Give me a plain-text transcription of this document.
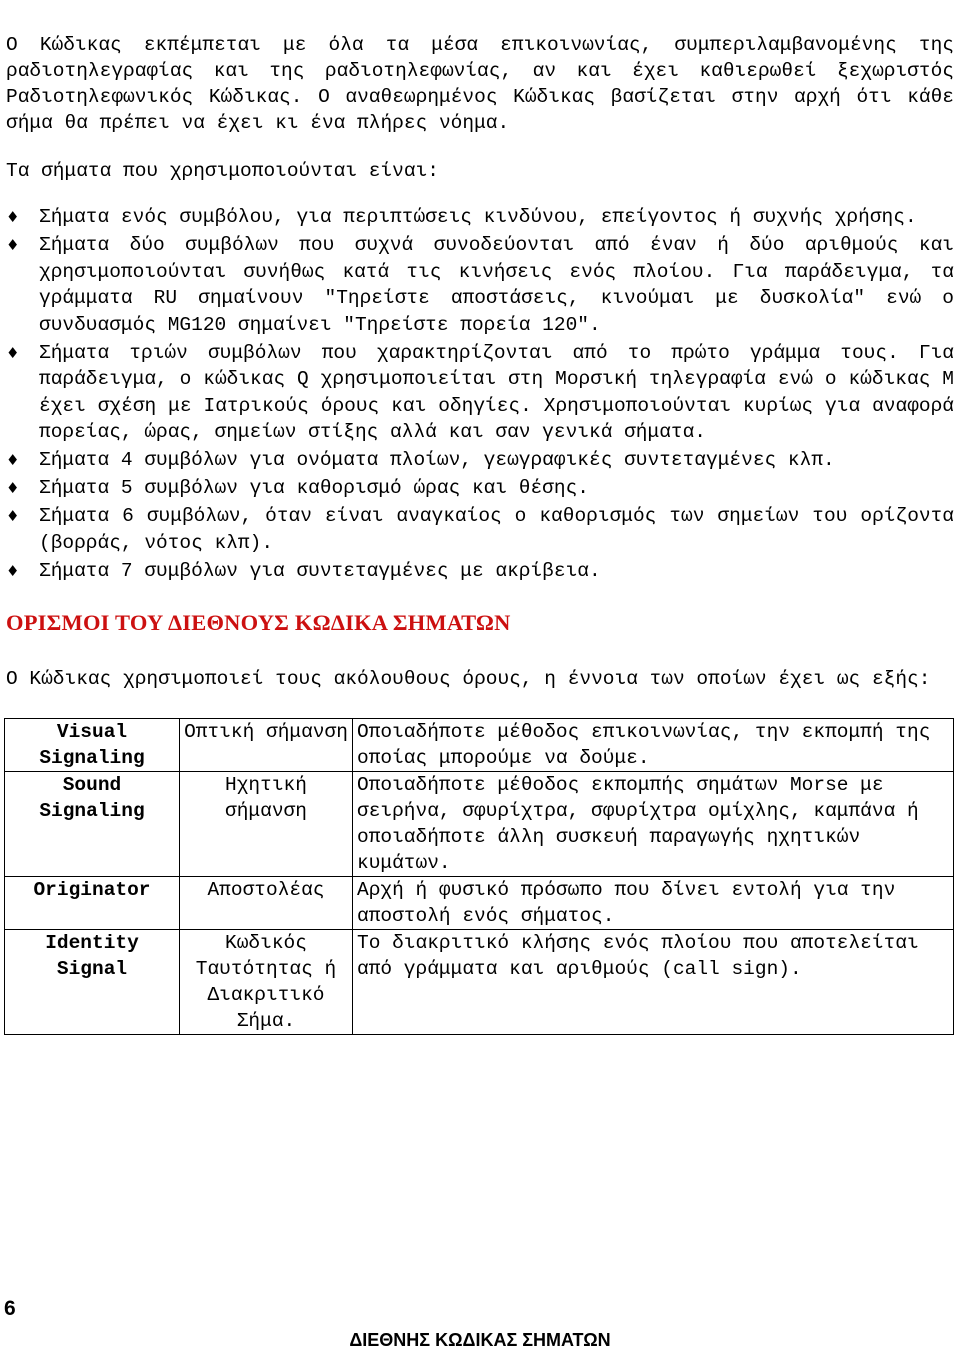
Ο Κώδικας εκπέμπεται με όλα τα μέσα επικοινωνίας, συμπεριλαμβανομένης της ραδιοτηλεγραφίας και της ραδιοτηλεφωνίας, αν και έχει καθιερωθεί ξεχωριστός Ραδιοτηλεφωνικός Κώδικας. Ο αναθεωρημένος Κώδικας βασίζεται στην αρχή ότι κάθε σήμα θα πρέπει να έχει κι ένα πλήρες νόημα.

Τα σήματα που χρησιμοποιούνται είναι:

♦ Σήματα ενός συμβόλου, για περιπτώσεις κινδύνου, επείγοντος ή συχνής χρήσης.
♦ Σήματα δύο συμβόλων που συχνά συνοδεύονται από έναν ή δύο αριθμούς και χρησιμοποιούνται συνήθως κατά τις κινήσεις ενός πλοίου. Για παράδειγμα, τα γράμματα RU σημαίνουν "Τηρείστε αποστάσεις, κινούμαι με δυσκολία" ενώ ο συνδυασμός MG120 σημαίνει "Τηρείστε πορεία 120".
♦ Σήματα τριών συμβόλων που χαρακτηρίζονται από το πρώτο γράμμα τους. Για παράδειγμα, ο κώδικας Q χρησιμοποιείται στη Μορσική τηλεγραφία ενώ ο κώδικας Μ έχει σχέση με Ιατρικούς όρους και οδηγίες. Χρησιμοποιούνται κυρίως για αναφορά πορείας, ώρας, σημείων στίξης αλλά και σαν γενικά σήματα.
♦ Σήματα 4 συμβόλων για ονόματα πλοίων, γεωγραφικές συντεταγμένες κλπ.
♦ Σήματα 5 συμβόλων για καθορισμό ώρας και θέσης.
♦ Σήματα 6 συμβόλων, όταν είναι αναγκαίος ο καθορισμός των σημείων του ορίζοντα (βορράς, νότος κλπ).
♦ Σήματα 7 συμβόλων για συντεταγμένες με ακρίβεια.
ΟΡΙΣΜΟΙ ΤΟΥ ΔΙΕΘΝΟΥΣ ΚΩΔΙΚΑ ΣΗΜΑΤΩΝ

Ο Κώδικας χρησιμοποιεί τους ακόλουθους όρους, η έννοια των οποίων έχει ως εξής:

Visual Signaling	Οπτική σήμανση	Οποιαδήποτε μέθοδος επικοινωνίας, την εκπομπή της οποίας μπορούμε να δούμε.
Sound Signaling	Ηχητική σήμανση	Οποιαδήποτε μέθοδος εκπομπής σημάτων Morse με σειρήνα, σφυρίχτρα, σφυρίχτρα ομίχλης, καμπάνα ή οποιαδήποτε άλλη συσκευή παραγωγής ηχητικών κυμάτων.
Originator	Αποστολέας	Αρχή ή φυσικό πρόσωπο που δίνει εντολή για την αποστολή ενός σήματος.
Identity Signal	Κωδικός Ταυτότητας ή Διακριτικό Σήμα.	Το διακριτικό κλήσης ενός πλοίου που αποτελείται από γράμματα και αριθμούς (call sign).
6
ΔΙΕΘΝΗΣ ΚΩΔΙΚΑΣ ΣΗΜΑΤΩΝ
